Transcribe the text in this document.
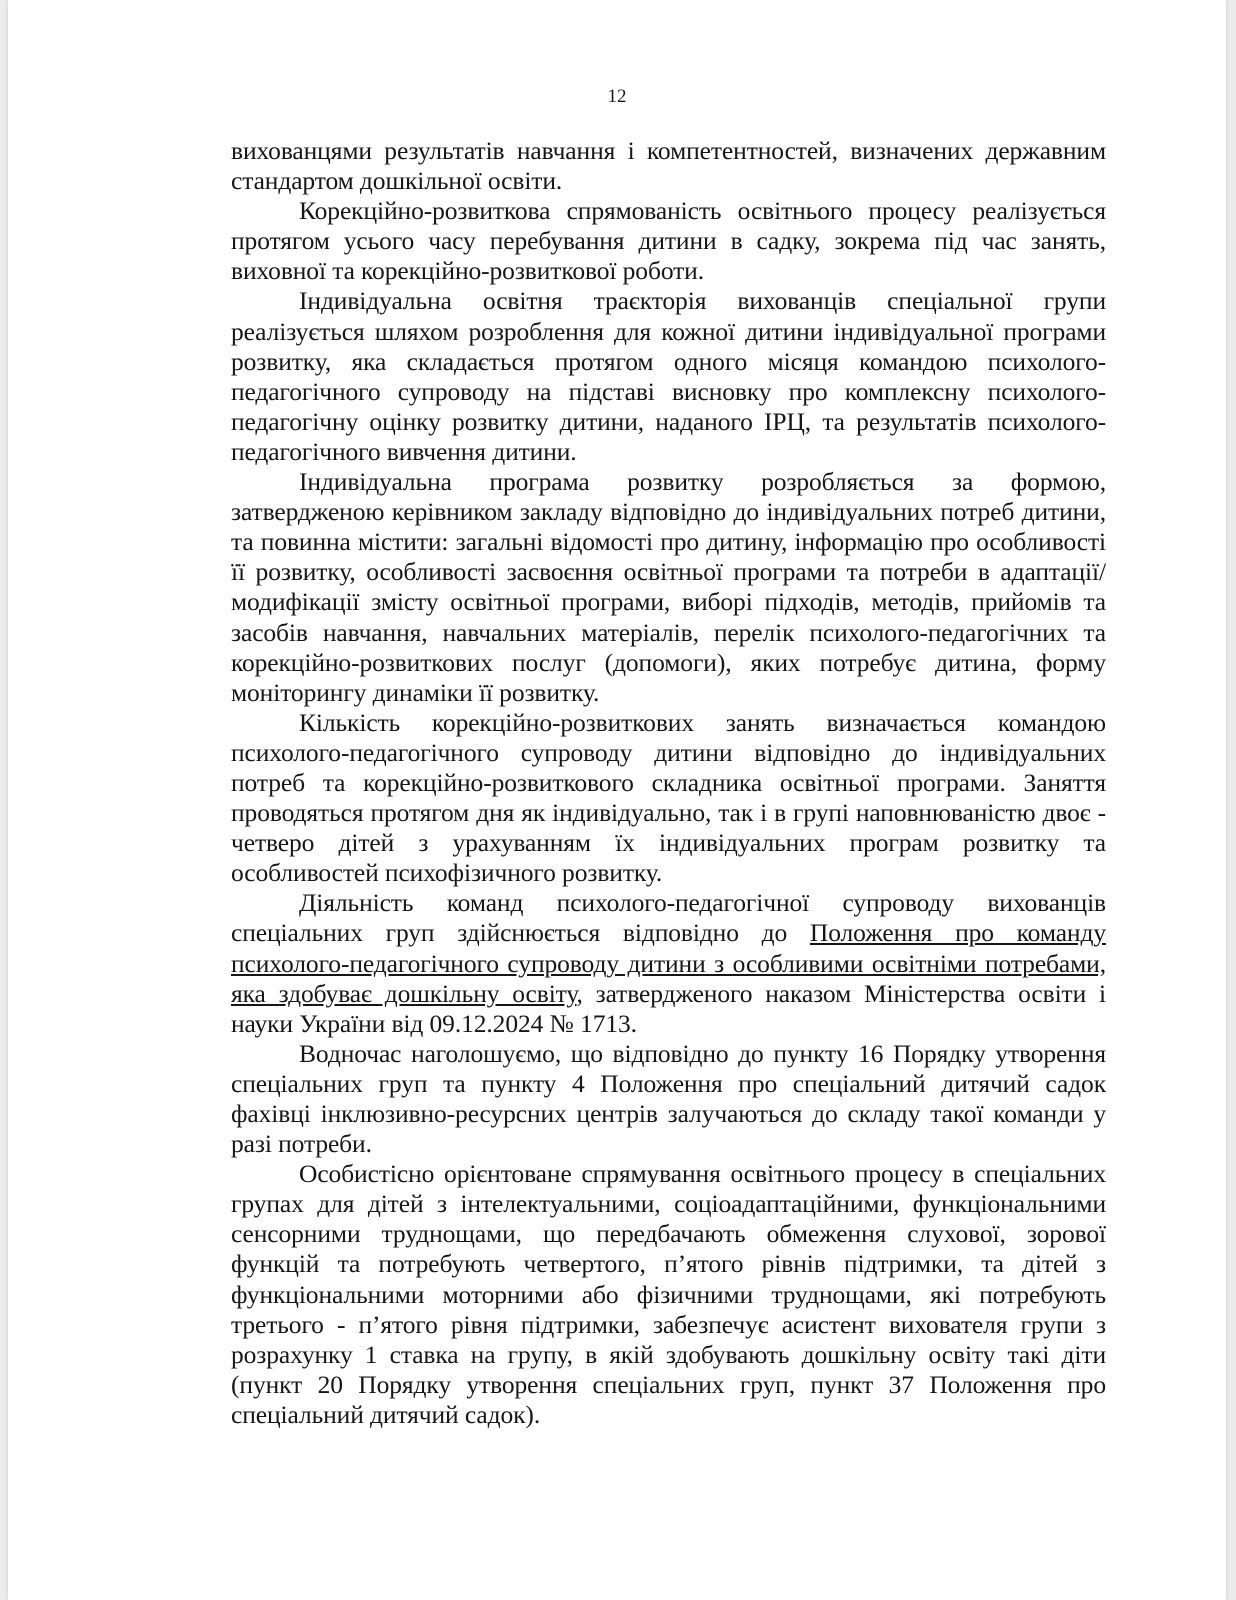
12

вихованцями результатів навчання і компетентностей, визначених державним стандартом дошкільної освіти.

Корекційно-розвиткова спрямованість освітнього процесу реалізується протягом усього часу перебування дитини в садку, зокрема під час занять, виховної та корекційно-розвиткової роботи.

Індивідуальна освітня траєкторія вихованців спеціальної групи реалізується шляхом розроблення для кожної дитини індивідуальної програми розвитку, яка складається протягом одного місяця командою психолого-педагогічного супроводу на підставі висновку про комплексну психолого-педагогічну оцінку розвитку дитини, наданого ІРЦ, та результатів психолого-педагогічного вивчення дитини.

Індивідуальна програма розвитку розробляється за формою, затвердженою керівником закладу відповідно до індивідуальних потреб дитини, та повинна містити: загальні відомості про дитину, інформацію про особливості її розвитку, особливості засвоєння освітньої програми та потреби в адаптації/модифікації змісту освітньої програми, виборі підходів, методів, прийомів та засобів навчання, навчальних матеріалів, перелік психолого-педагогічних та корекційно-розвиткових послуг (допомоги), яких потребує дитина, форму моніторингу динаміки її розвитку.

Кількість корекційно-розвиткових занять визначається командою психолого-педагогічного супроводу дитини відповідно до індивідуальних потреб та корекційно-розвиткового складника освітньої програми. Заняття проводяться протягом дня як індивідуально, так і в групі наповнюваністю двоє - четверо дітей з урахуванням їх індивідуальних програм розвитку та особливостей психофізичного розвитку.

Діяльність команд психолого-педагогічної супроводу вихованців спеціальних груп здійснюється відповідно до Положення про команду психолого-педагогічного супроводу дитини з особливими освітніми потребами, яка здобуває дошкільну освіту, затвердженого наказом Міністерства освіти і науки України від 09.12.2024 № 1713.

Водночас наголошуємо, що відповідно до пункту 16 Порядку утворення спеціальних груп та пункту 4 Положення про спеціальний дитячий садок фахівці інклюзивно-ресурсних центрів залучаються до складу такої команди у разі потреби.

Особистісно орієнтоване спрямування освітнього процесу в спеціальних групах для дітей з інтелектуальними, соціоадаптаційними, функціональними сенсорними труднощами, що передбачають обмеження слухової, зорової функцій та потребують четвертого, п’ятого рівнів підтримки, та дітей з функціональними моторними або фізичними труднощами, які потребують третього - п’ятого рівня підтримки, забезпечує асистент вихователя групи з розрахунку 1 ставка на групу, в якій здобувають дошкільну освіту такі діти (пункт 20 Порядку утворення спеціальних груп, пункт 37 Положення про спеціальний дитячий садок).
